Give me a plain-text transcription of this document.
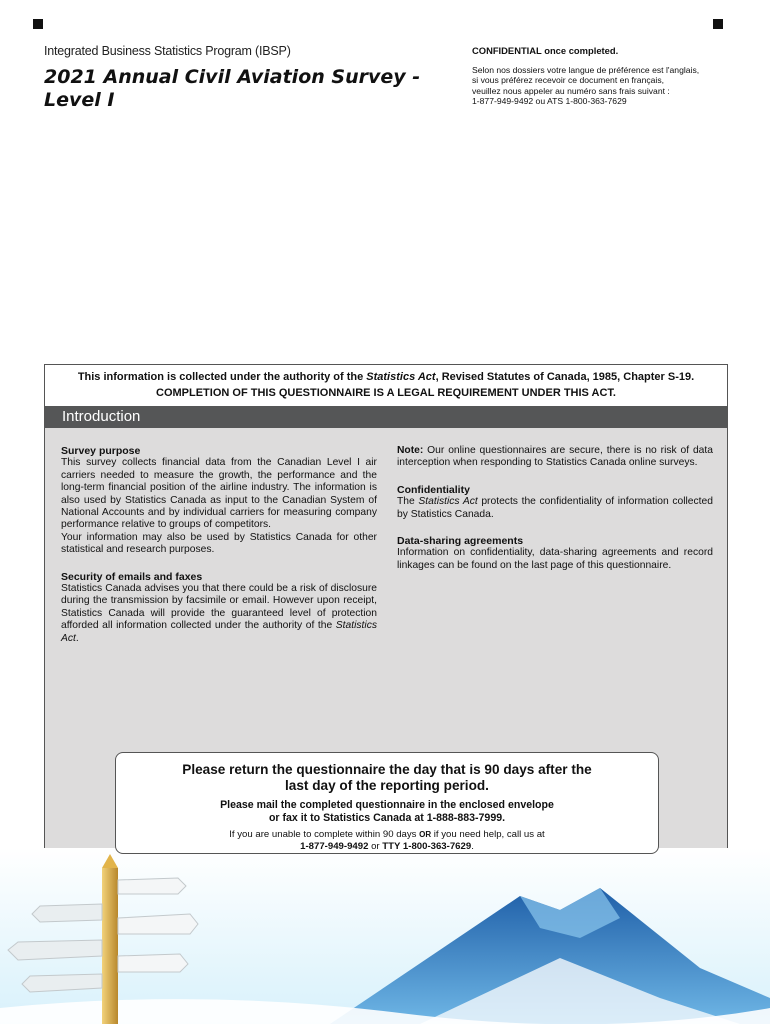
Integrated Business Statistics Program (IBSP)
2021 Annual Civil Aviation Survey - Level I
CONFIDENTIAL once completed.
Selon nos dossiers votre langue de préférence est l'anglais,
si vous préférez recevoir ce document en français,
veuillez nous appeler au numéro sans frais suivant :
1-877-949-9492 ou ATS 1-800-363-7629
This information is collected under the authority of the Statistics Act, Revised Statutes of Canada, 1985, Chapter S-19.
COMPLETION OF THIS QUESTIONNAIRE IS A LEGAL REQUIREMENT UNDER THIS ACT.
Introduction
Survey purpose

This survey collects financial data from the Canadian Level I air carriers needed to measure the growth, the performance and the long-term financial position of the airline industry. The information is also used by Statistics Canada as input to the Canadian System of National Accounts and by individual carriers for measuring company performance relative to groups of competitors.

Your information may also be used by Statistics Canada for other statistical and research purposes.

Security of emails and faxes

Statistics Canada advises you that there could be a risk of disclosure during the transmission by facsimile or email. However upon receipt, Statistics Canada will provide the guaranteed level of protection afforded all information collected under the authority of the Statistics Act.

Note: Our online questionnaires are secure, there is no risk of data interception when responding to Statistics Canada online surveys.

Confidentiality

The Statistics Act protects the confidentiality of information collected by Statistics Canada.

Data-sharing agreements

Information on confidentiality, data-sharing agreements and record linkages can be found on the last page of this questionnaire.

Please return the questionnaire the day that is 90 days after the last day of the reporting period.
Please mail the completed questionnaire in the enclosed envelope or fax it to Statistics Canada at 1-888-883-7999.
If you are unable to complete within 90 days OR if you need help, call us at 1-877-949-9492 or TTY 1-800-363-7629.
